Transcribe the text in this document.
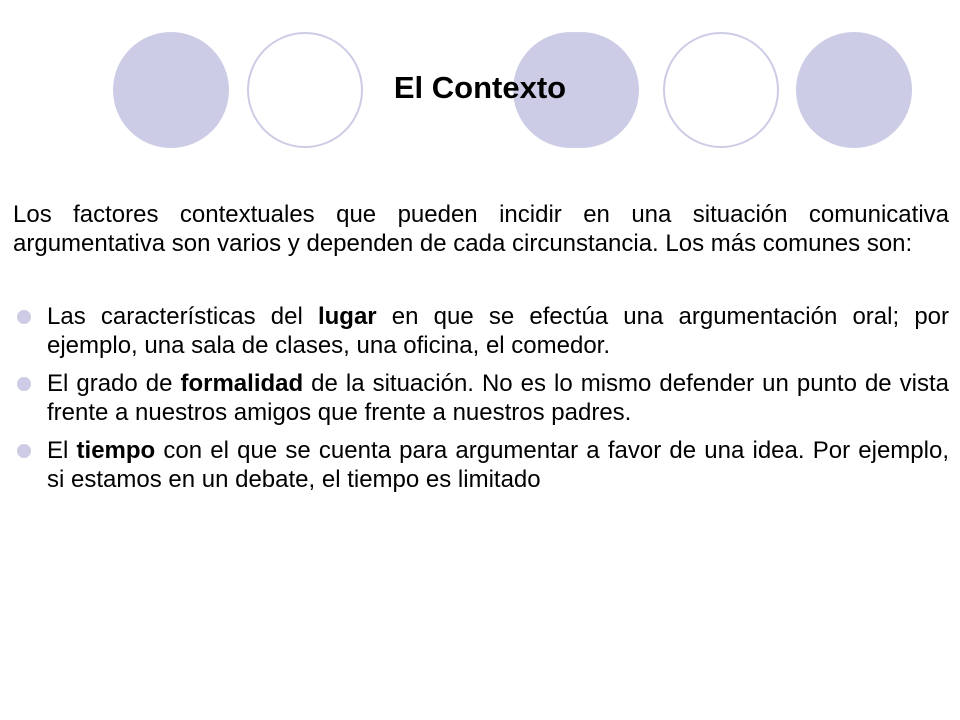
El Contexto

Los factores contextuales que pueden incidir en una situación comunicativa argumentativa son varios y dependen de cada circunstancia. Los más comunes son:

Las características del lugar en que se efectúa una argumentación oral; por ejemplo, una sala de clases, una oficina, el comedor.
El grado de formalidad de la situación. No es lo mismo defender un punto de vista frente a nuestros amigos que frente a nuestros padres.
El tiempo con el que se cuenta para argumentar a favor de una idea. Por ejemplo, si estamos en un debate, el tiempo es limitado
